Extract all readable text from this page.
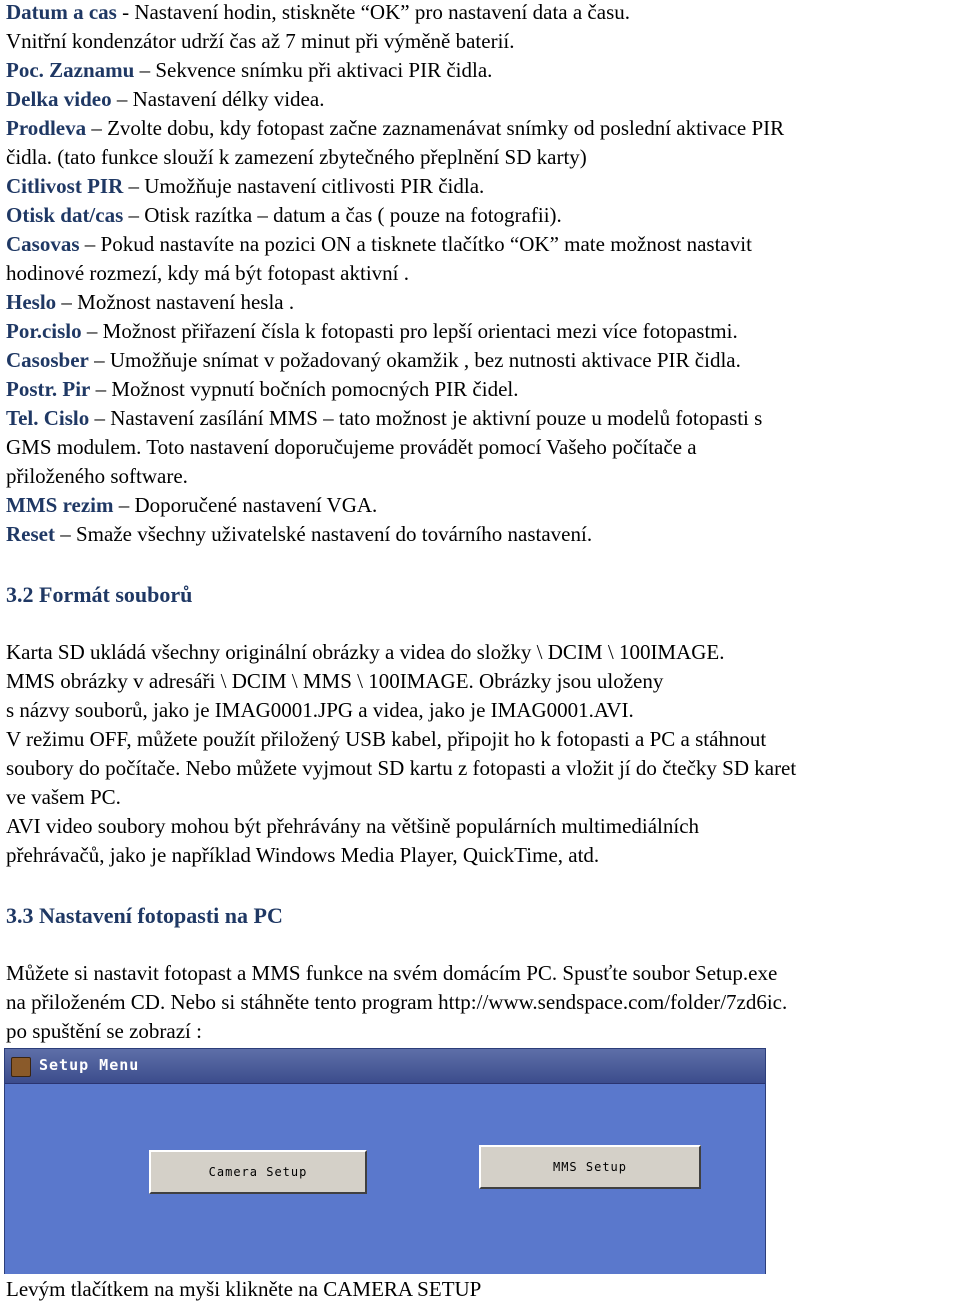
Datum a cas - Nastavení hodin, stiskněte “OK” pro nastavení data a času.
Vnitřní kondenzátor udrží čas až 7 minut při výměně baterií.
Poc. Zaznamu – Sekvence snímku při aktivaci PIR čidla.
Delka video – Nastavení délky videa.
Prodleva – Zvolte dobu, kdy fotopast začne zaznamenávat snímky od poslední aktivace PIR
čidla. (tato funkce slouží k zamezení zbytečného přeplnění SD karty)
Citlivost PIR – Umožňuje nastavení citlivosti PIR čidla.
Otisk dat/cas – Otisk razítka – datum a čas ( pouze na fotografii).
Casovas – Pokud nastavíte na pozici ON a tisknete tlačítko “OK” mate možnost nastavit
hodinové rozmezí, kdy má být fotopast aktivní .
Heslo – Možnost nastavení hesla .
Por.cislo – Možnost přiřazení čísla k fotopasti pro lepší orientaci mezi více fotopastmi.
Casosber – Umožňuje snímat v požadovaný okamžik , bez nutnosti aktivace PIR čidla.
Postr. Pir – Možnost vypnutí bočních pomocných PIR čidel.
Tel. Cislo – Nastavení zasílání MMS – tato možnost je aktivní pouze u modelů fotopasti s
GMS modulem. Toto nastavení doporučujeme provádět pomocí Vašeho počítače a
přiloženého software.
MMS rezim – Doporučené nastavení VGA.
Reset – Smaže všechny uživatelské nastavení do továrního nastavení.
3.2 Formát souborů
Karta SD ukládá všechny originální obrázky a videa do složky \ DCIM \ 100IMAGE.
MMS obrázky v adresáři \ DCIM \ MMS \ 100IMAGE. Obrázky jsou uloženy
s názvy souborů, jako je IMAG0001.JPG a videa, jako je IMAG0001.AVI.
V režimu OFF, můžete použít přiložený USB kabel, připojit ho k fotopasti a PC a stáhnout
soubory do počítače. Nebo můžete vyjmout SD kartu z fotopasti a vložit jí do čtečky SD karet
ve vašem PC.
AVI video soubory mohou být přehrávány na většině populárních multimediálních
přehrávačů, jako je například Windows Media Player, QuickTime, atd.
3.3 Nastavení fotopasti na PC
Můžete si nastavit fotopast a MMS funkce na svém domácím PC. Spusťte soubor Setup.exe
na přiloženém CD. Nebo si stáhněte tento program http://www.sendspace.com/folder/7zd6ic.
po spuštění se zobrazí :
Setup Menu
Camera Setup	MMS Setup
Levým tlačítkem na myši klikněte na CAMERA SETUP
